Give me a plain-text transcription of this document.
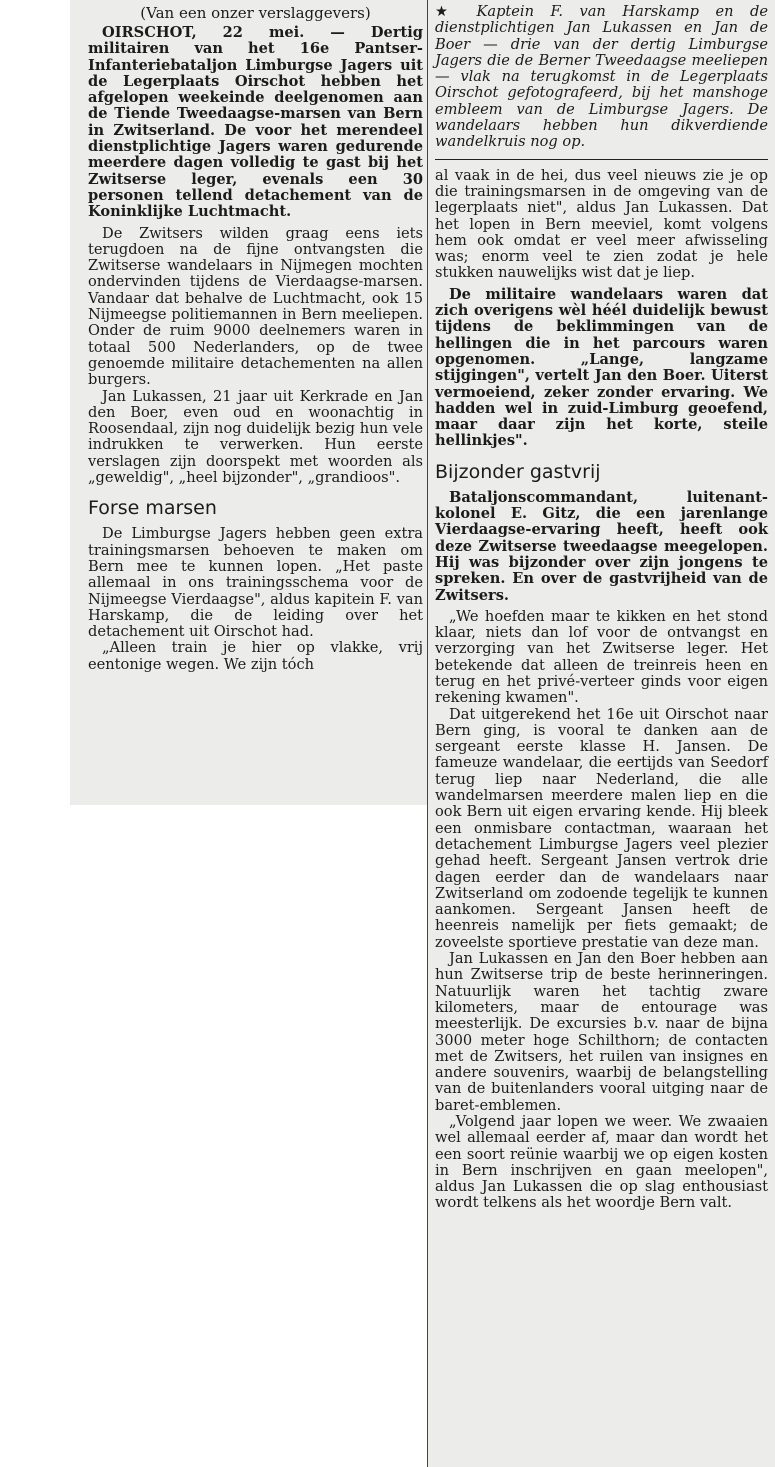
(Van een onzer verslaggevers)

OIRSCHOT, 22 mei. — Dertig militairen van het 16e Pantser-Infanteriebataljon Limburgse Jagers uit de Legerplaats Oirschot hebben het afgelopen weekeinde deelgenomen aan de Tiende Tweedaagse-marsen van Bern in Zwitserland. De voor het merendeel dienstplichtige Jagers waren gedurende meerdere dagen volledig te gast bij het Zwitserse leger, evenals een 30 personen tellend detachement van de Koninklijke Luchtmacht.

De Zwitsers wilden graag eens iets terugdoen na de fijne ontvangsten die Zwitserse wandelaars in Nijmegen mochten ondervinden tijdens de Vierdaagse-marsen. Vandaar dat behalve de Luchtmacht, ook 15 Nijmeegse politiemannen in Bern meeliepen. Onder de ruim 9000 deelnemers waren in totaal 500 Nederlanders, op de twee genoemde militaire detachementen na allen burgers.

Jan Lukassen, 21 jaar uit Kerkrade en Jan den Boer, even oud en woonachtig in Roosendaal, zijn nog duidelijk bezig hun vele indrukken te verwerken. Hun eerste verslagen zijn doorspekt met woorden als „geweldig", „heel bijzonder", „grandioos".

Forse marsen

De Limburgse Jagers hebben geen extra trainingsmarsen behoeven te maken om Bern mee te kunnen lopen. „Het paste allemaal in ons trainingsschema voor de Nijmeegse Vierdaagse", aldus kapitein F. van Harskamp, die de leiding over het detachement uit Oirschot had.

„Alleen train je hier op vlakke, vrij eentonige wegen. We zijn tóch

★ Kaptein F. van Harskamp en de dienstplichtigen Jan Lukassen en Jan de Boer — drie van der dertig Limburgse Jagers die de Berner Tweedaagse meeliepen — vlak na terugkomst in de Legerplaats Oirschot gefotografeerd, bij het manshoge embleem van de Limburgse Jagers. De wandelaars hebben hun dikverdiende wandelkruis nog op.

al vaak in de hei, dus veel nieuws zie je op die trainingsmarsen in de omgeving van de legerplaats niet", aldus Jan Lukassen. Dat het lopen in Bern meeviel, komt volgens hem ook omdat er veel meer afwisseling was; enorm veel te zien zodat je hele stukken nauwelijks wist dat je liep.

De militaire wandelaars waren dat zich overigens wèl héél duidelijk bewust tijdens de beklimmingen van de hellingen die in het parcours waren opgenomen. „Lange, langzame stijgingen", vertelt Jan den Boer. Uiterst vermoeiend, zeker zonder ervaring. We hadden wel in zuid-Limburg geoefend, maar daar zijn het korte, steile hellinkjes".

Bijzonder gastvrij

Bataljonscommandant, luitenant-kolonel E. Gitz, die een jarenlange Vierdaagse-ervaring heeft, heeft ook deze Zwitserse tweedaagse meegelopen. Hij was bijzonder over zijn jongens te spreken. En over de gastvrijheid van de Zwitsers.

„We hoefden maar te kikken en het stond klaar, niets dan lof voor de ontvangst en verzorging van het Zwitserse leger. Het betekende dat alleen de treinreis heen en terug en het privé-verteer ginds voor eigen rekening kwamen".

Dat uitgerekend het 16e uit Oirschot naar Bern ging, is vooral te danken aan de sergeant eerste klasse H. Jansen. De fameuze wandelaar, die eertijds van Seedorf terug liep naar Nederland, die alle wandelmarsen meerdere malen liep en die ook Bern uit eigen ervaring kende. Hij bleek een onmisbare contactman, waaraan het detachement Limburgse Jagers veel plezier gehad heeft. Sergeant Jansen vertrok drie dagen eerder dan de wandelaars naar Zwitserland om zodoende tegelijk te kunnen aankomen. Sergeant Jansen heeft de heenreis namelijk per fiets gemaakt; de zoveelste sportieve prestatie van deze man.

Jan Lukassen en Jan den Boer hebben aan hun Zwitserse trip de beste herinneringen. Natuurlijk waren het tachtig zware kilometers, maar de entourage was meesterlijk. De excursies b.v. naar de bijna 3000 meter hoge Schilthorn; de contacten met de Zwitsers, het ruilen van insignes en andere souvenirs, waarbij de belangstelling van de buitenlanders vooral uitging naar de baret-emblemen.

„Volgend jaar lopen we weer. We zwaaien wel allemaal eerder af, maar dan wordt het een soort reünie waarbij we op eigen kosten in Bern inschrijven en gaan meelopen", aldus Jan Lukassen die op slag enthousiast wordt telkens als het woordje Bern valt.
